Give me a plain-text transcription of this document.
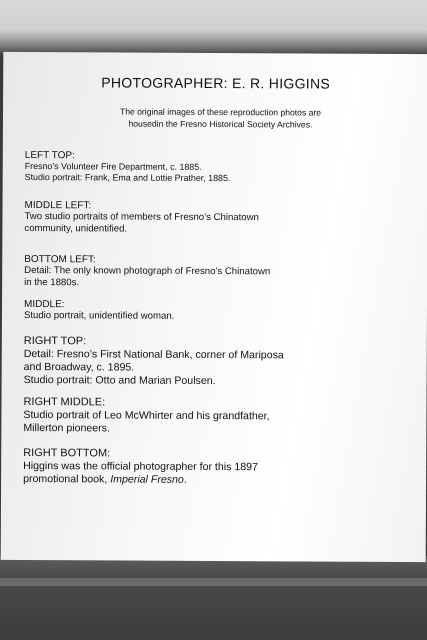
PHOTOGRAPHER: E. R. HIGGINS
The original images of these reproduction photos are
housedin the Fresno Historical Society Archives.
LEFT TOP:
Fresno’s Volunteer Fire Department, c. 1885.
Studio portrait: Frank, Ema and Lottie Prather, 1885.
MIDDLE LEFT:
Two studio portraits of members of Fresno’s Chinatown
community, unidentified.
BOTTOM LEFT:
Detail: The only known photograph of Fresno’s Chinatown
in the 1880s.
MIDDLE:
Studio portrait, unidentified woman.
RIGHT TOP:
Detail: Fresno’s First National Bank, corner of Mariposa
and Broadway, c. 1895.
Studio portrait: Otto and Marian Poulsen.
RIGHT MIDDLE:
Studio portrait of Leo McWhirter and his grandfather,
Millerton pioneers.
RIGHT BOTTOM:
Higgins was the official photographer for this 1897
promotional book, Imperial Fresno.
